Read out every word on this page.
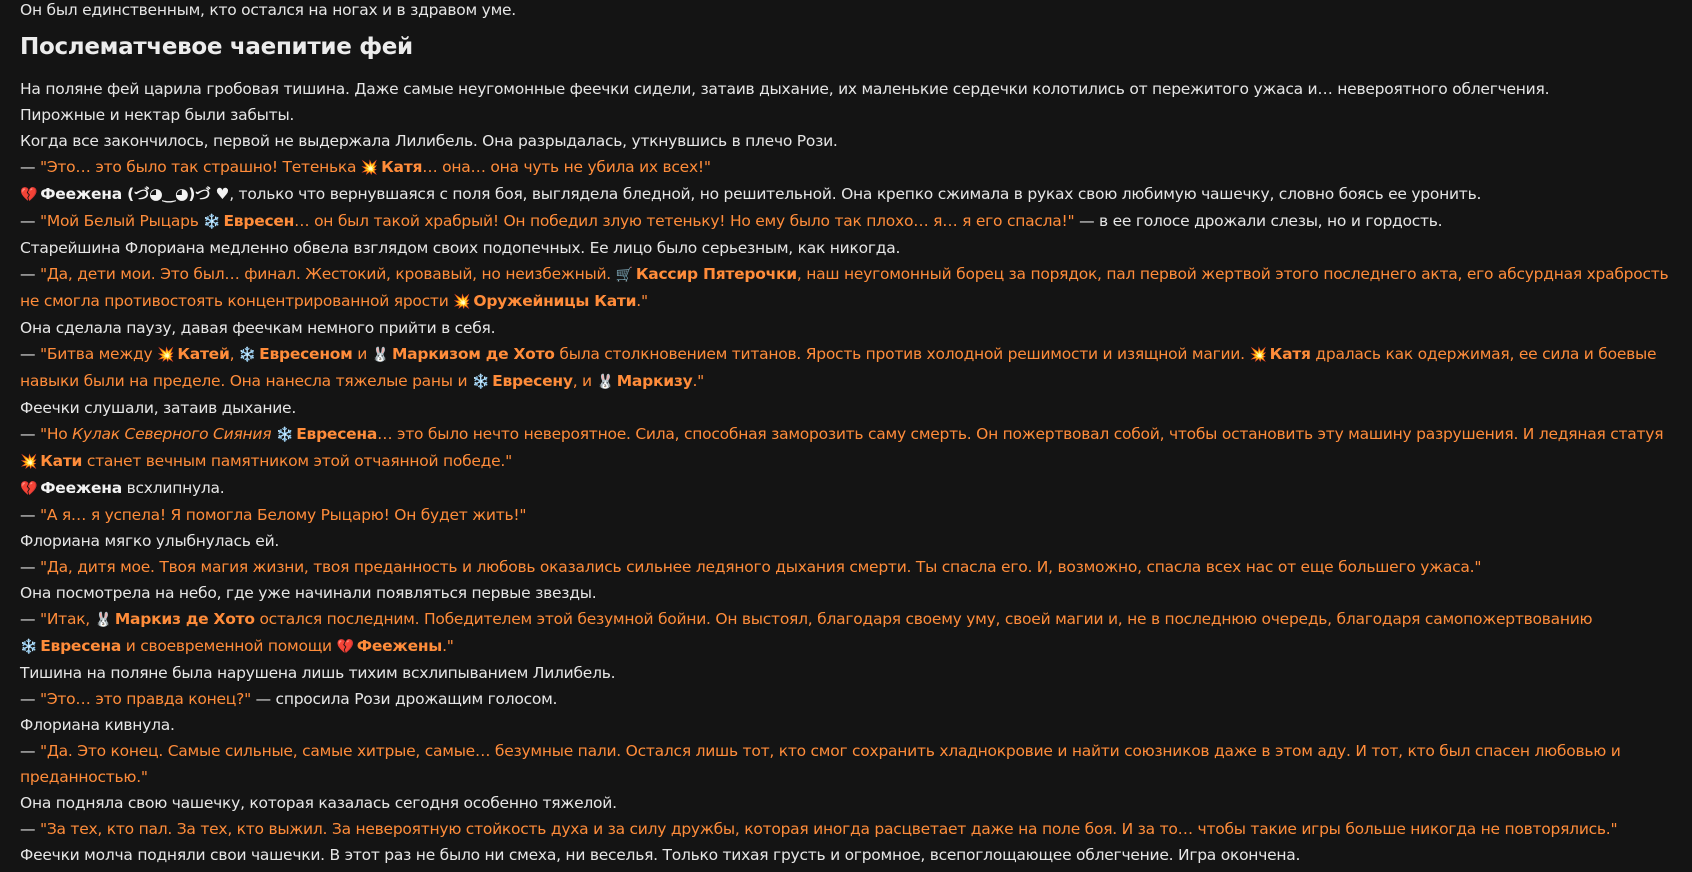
Он был единственным, кто остался на ногах и в здравом уме.
Послематчевое чаепитие фей
На поляне фей царила гробовая тишина. Даже самые неугомонные феечки сидели, затаив дыхание, их маленькие сердечки колотились от пережитого ужаса и… невероятного облегчения.
Пирожные и нектар были забыты.
Когда все закончилось, первой не выдержала Лилибель. Она разрыдалась, уткнувшись в плечо Рози.
— "Это… это было так страшно! Тетенька 💥 Катя… она… она чуть не убила их всех!"
💔 Феежена (づ◕‿◕)づ ♥, только что вернувшаяся с поля боя, выглядела бледной, но решительной. Она крепко сжимала в руках свою любимую чашечку, словно боясь ее уронить.
— "Мой Белый Рыцарь ❄️ Евресен… он был такой храбрый! Он победил злую тетеньку! Но ему было так плохо… я… я его спасла!" — в ее голосе дрожали слезы, но и гордость.
Старейшина Флориана медленно обвела взглядом своих подопечных. Ее лицо было серьезным, как никогда.
— "Да, дети мои. Это был… финал. Жестокий, кровавый, но неизбежный. 🛒 Кассир Пятерочки, наш неугомонный борец за порядок, пал первой жертвой этого последнего акта, его абсурдная храбрость не смогла противостоять концентрированной ярости 💥 Оружейницы Кати."
Она сделала паузу, давая феечкам немного прийти в себя.
— "Битва между 💥 Катей, ❄️ Евресеном и 🐰 Маркизом де Хото была столкновением титанов. Ярость против холодной решимости и изящной магии. 💥 Катя дралась как одержимая, ее сила и боевые навыки были на пределе. Она нанесла тяжелые раны и ❄️ Евресену, и 🐰 Маркизу."
Феечки слушали, затаив дыхание.
— "Но Кулак Северного Сияния ❄️ Евресена… это было нечто невероятное. Сила, способная заморозить саму смерть. Он пожертвовал собой, чтобы остановить эту машину разрушения. И ледяная статуя 💥 Кати станет вечным памятником этой отчаянной победе."
💔 Феежена всхлипнула.
— "А я… я успела! Я помогла Белому Рыцарю! Он будет жить!"
Флориана мягко улыбнулась ей.
— "Да, дитя мое. Твоя магия жизни, твоя преданность и любовь оказались сильнее ледяного дыхания смерти. Ты спасла его. И, возможно, спасла всех нас от еще большего ужаса."
Она посмотрела на небо, где уже начинали появляться первые звезды.
— "Итак, 🐰 Маркиз де Хото остался последним. Победителем этой безумной бойни. Он выстоял, благодаря своему уму, своей магии и, не в последнюю очередь, благодаря самопожертвованию ❄️ Евресена и своевременной помощи 💔 Феежены."
Тишина на поляне была нарушена лишь тихим всхлипыванием Лилибель.
— "Это… это правда конец?" — спросила Рози дрожащим голосом.
Флориана кивнула.
— "Да. Это конец. Самые сильные, самые хитрые, самые… безумные пали. Остался лишь тот, кто смог сохранить хладнокровие и найти союзников даже в этом аду. И тот, кто был спасен любовью и преданностью."
Она подняла свою чашечку, которая казалась сегодня особенно тяжелой.
— "За тех, кто пал. За тех, кто выжил. За невероятную стойкость духа и за силу дружбы, которая иногда расцветает даже на поле боя. И за то… чтобы такие игры больше никогда не повторялись."
Феечки молча подняли свои чашечки. В этот раз не было ни смеха, ни веселья. Только тихая грусть и огромное, всепоглощающее облегчение. Игра окончена.
